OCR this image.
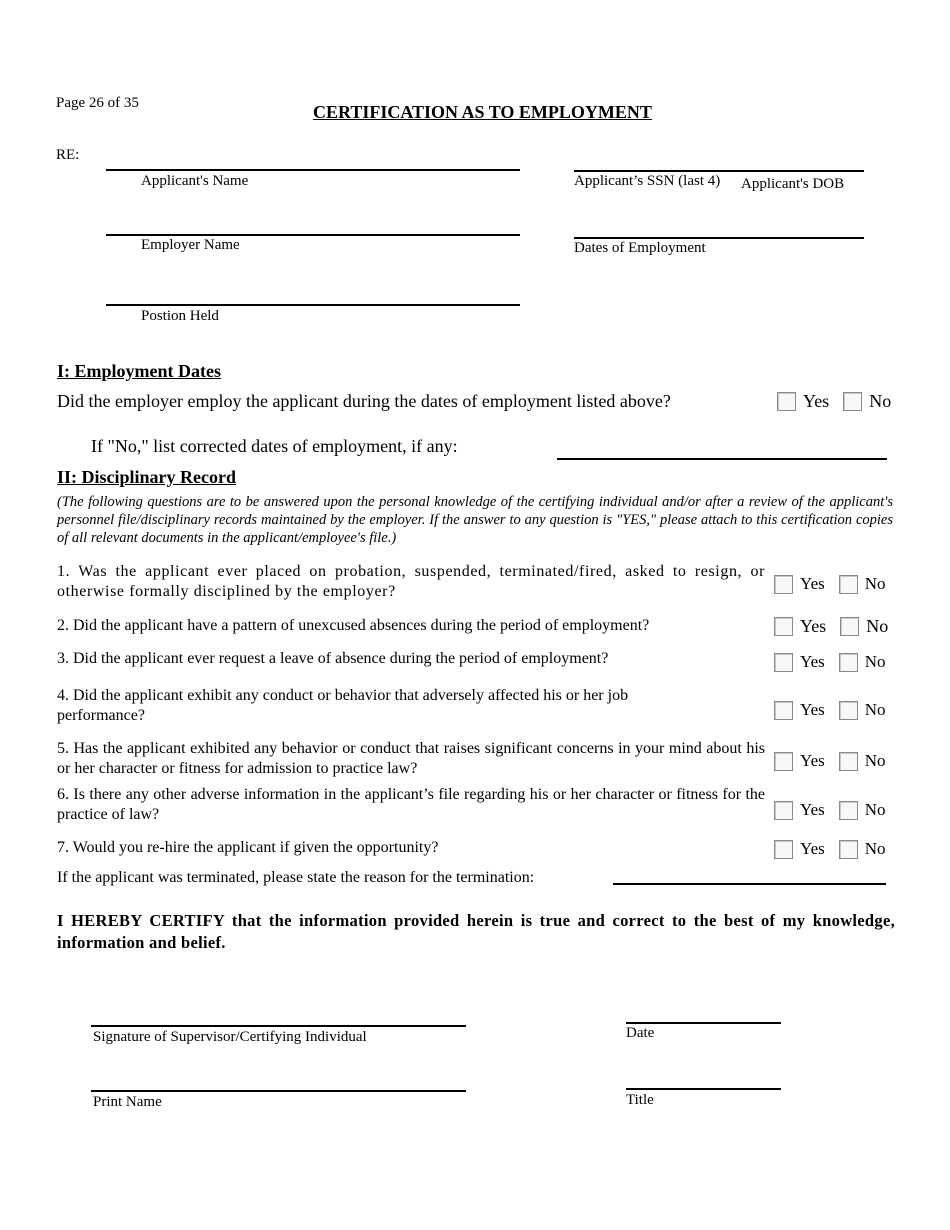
Page 26 of 35	CERTIFICATION AS TO EMPLOYMENT
RE:
Applicant's Name	Applicant’s SSN (last 4) Applicant's DOB
Employer Name	Dates of Employment
Postion Held
I: Employment Dates
Did the employer employ the applicant during the dates of employment listed above?	Yes No
If "No," list corrected dates of employment, if any:
II: Disciplinary Record
(The following questions are to be answered upon the personal knowledge of the certifying individual and/or after a review of the applicant's personnel file/disciplinary records maintained by the employer. If the answer to any question is "YES," please attach to this certification copies of all relevant documents in the applicant/employee's file.)
1. Was the applicant ever placed on probation, suspended, terminated/fired, asked to resign, or otherwise formally disciplined by the employer?	Yes No
2. Did the applicant have a pattern of unexcused absences during the period of employment?	Yes No
3. Did the applicant ever request a leave of absence during the period of employment?	Yes No
4. Did the applicant exhibit any conduct or behavior that adversely affected his or her job performance?	Yes No
5. Has the applicant exhibited any behavior or conduct that raises significant concerns in your mind about his or her character or fitness for admission to practice law?	Yes No
6. Is there any other adverse information in the applicant’s file regarding his or her character or fitness for the practice of law?	Yes No
7. Would you re-hire the applicant if given the opportunity?	Yes No
If the applicant was terminated, please state the reason for the termination:
I HEREBY CERTIFY that the information provided herein is true and correct to the best of my knowledge, information and belief.
Signature of Supervisor/Certifying Individual	Date
Print Name	Title
